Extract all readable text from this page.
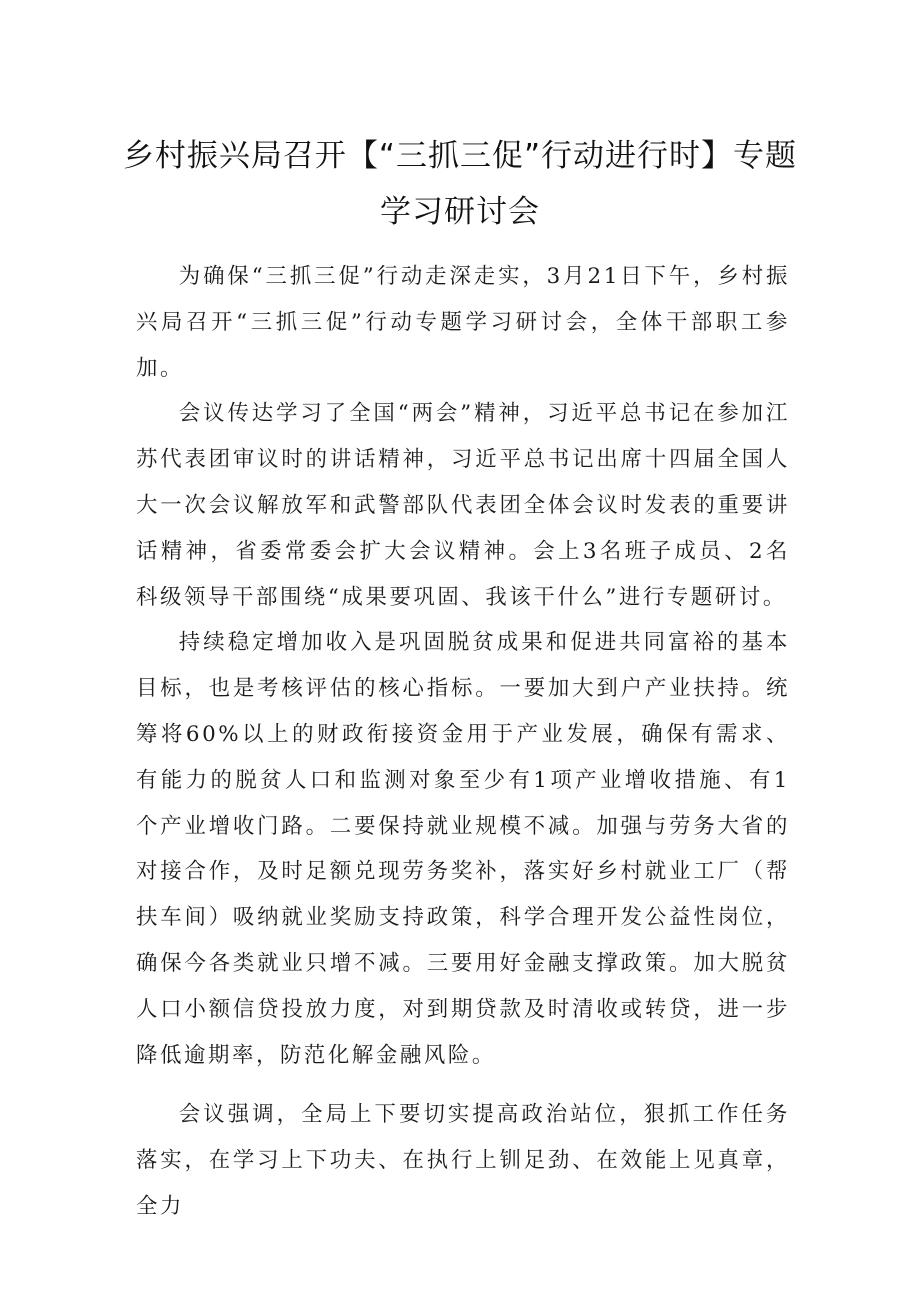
乡村振兴局召开【“三抓三促”行动进行时】专题学习研讨会

为确保“三抓三促”行动走深走实，3月21日下午，乡村振兴局召开“三抓三促”行动专题学习研讨会，全体干部职工参加。

会议传达学习了全国“两会”精神，习近平总书记在参加江苏代表团审议时的讲话精神，习近平总书记出席十四届全国人大一次会议解放军和武警部队代表团全体会议时发表的重要讲话精神，省委常委会扩大会议精神。会上3名班子成员、2名科级领导干部围绕“成果要巩固、我该干什么”进行专题研讨。

持续稳定增加收入是巩固脱贫成果和促进共同富裕的基本目标，也是考核评估的核心指标。一要加大到户产业扶持。统筹将60%以上的财政衔接资金用于产业发展，确保有需求、有能力的脱贫人口和监测对象至少有1项产业增收措施、有1个产业增收门路。二要保持就业规模不减。加强与劳务大省的对接合作，及时足额兑现劳务奖补，落实好乡村就业工厂（帮扶车间）吸纳就业奖励支持政策，科学合理开发公益性岗位，确保今各类就业只增不减。三要用好金融支撑政策。加大脱贫人口小额信贷投放力度，对到期贷款及时清收或转贷，进一步降低逾期率，防范化解金融风险。

会议强调，全局上下要切实提高政治站位，狠抓工作任务落实，在学习上下功夫、在执行上钏足劲、在效能上见真章，全力
